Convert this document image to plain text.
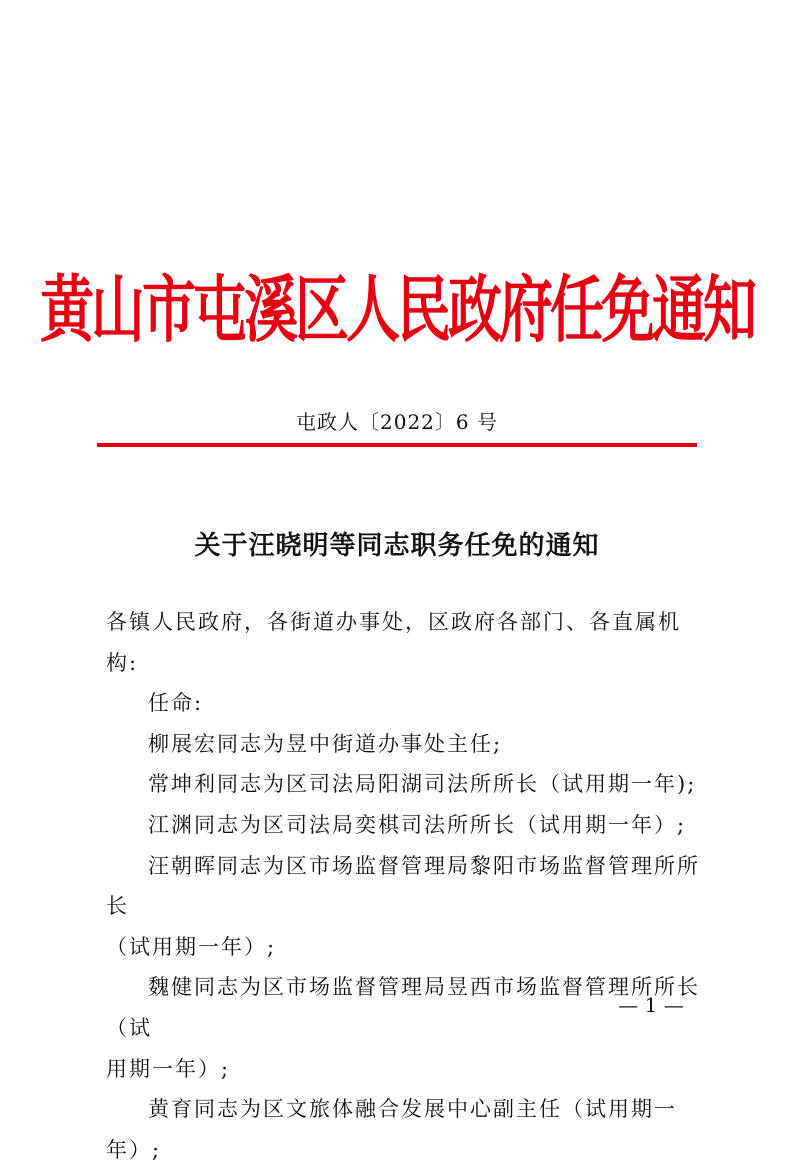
黄山市屯溪区人民政府任免通知
屯政人〔2022〕6 号
关于汪晓明等同志职务任免的通知

各镇人民政府，各街道办事处，区政府各部门、各直属机构:

任命:

柳展宏同志为昱中街道办事处主任;

常坤利同志为区司法局阳湖司法所所长（试用期一年);

江渊同志为区司法局奕棋司法所所长（试用期一年）;

汪朝晖同志为区市场监督管理局黎阳市场监督管理所所长

（试用期一年）;

魏健同志为区市场监督管理局昱西市场监督管理所所长（试

用期一年）;

黄育同志为区文旅体融合发展中心副主任（试用期一年）;

— 1 —
